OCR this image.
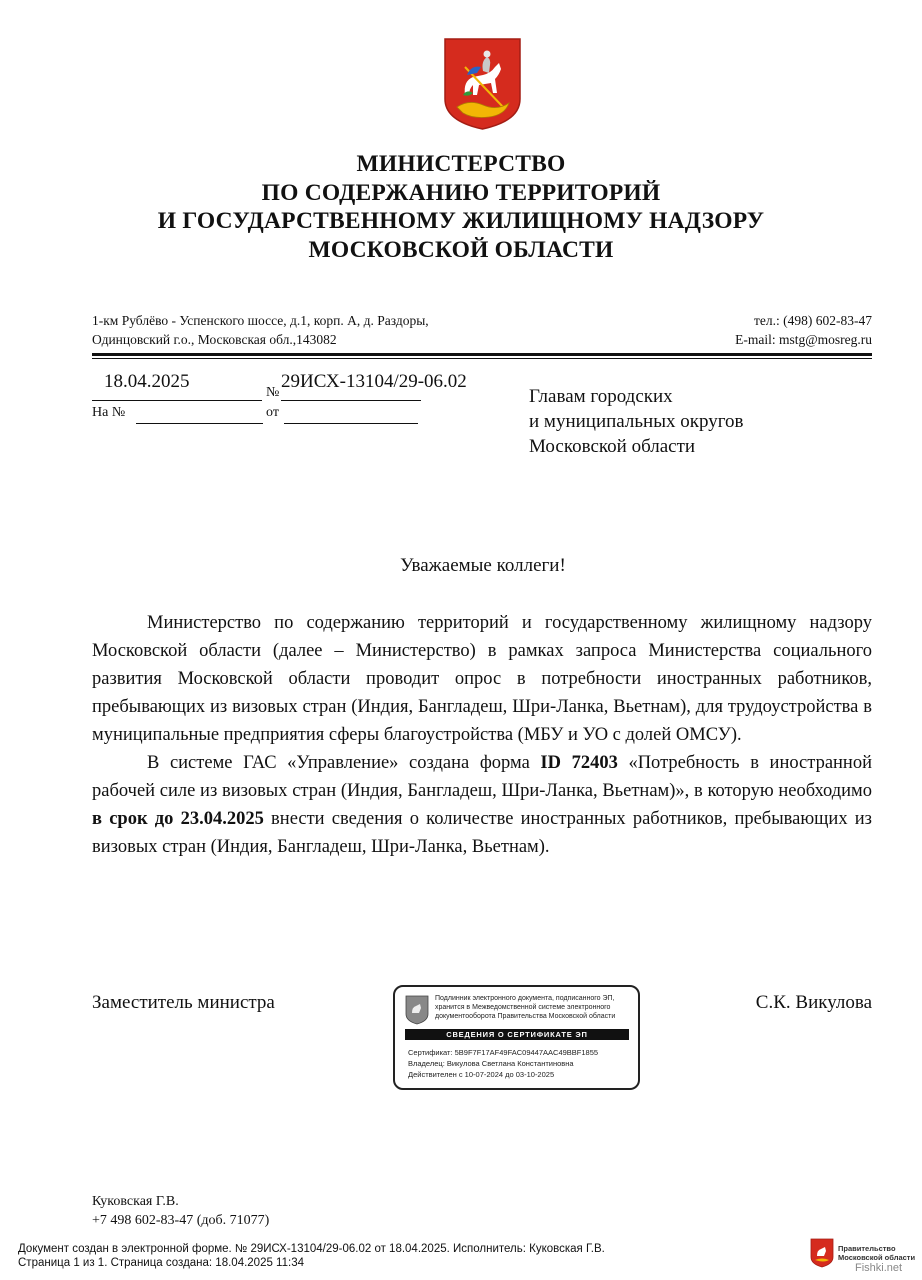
МИНИСТЕРСТВО
ПО СОДЕРЖАНИЮ ТЕРРИТОРИЙ
И ГОСУДАРСТВЕННОМУ ЖИЛИЩНОМУ НАДЗОРУ
МОСКОВСКОЙ ОБЛАСТИ
1-км Рублёво - Успенского шоссе, д.1, корп. А, д. Раздоры,
Одинцовский г.о., Московская обл.,143082
тел.: (498) 602-83-47
E-mail: mstg@mosreg.ru
18.04.2025
№
29ИСХ-13104/29-06.02
На №	от
Главам городских
и муниципальных округов
Московской области
Уважаемые коллеги!

Министерство по содержанию территорий и государственному жилищному надзору Московской области (далее – Министерство) в рамках запроса Министерства социального развития Московской области проводит опрос в потребности иностранных работников, пребывающих из визовых стран (Индия, Бангладеш, Шри-Ланка, Вьетнам), для трудоустройства в муниципальные предприятия сферы благоустройства (МБУ и УО с долей ОМСУ).

В системе ГАС «Управление» создана форма ID 72403 «Потребность в иностранной рабочей силе из визовых стран (Индия, Бангладеш, Шри-Ланка, Вьетнам)», в которую необходимо в срок до 23.04.2025 внести сведения о количестве иностранных работников, пребывающих из визовых стран (Индия, Бангладеш, Шри-Ланка, Вьетнам).

Заместитель министра	С.К. Викулова
Подлинник электронного документа, подписанного ЭП, хранится в Межведомственной системе электронного документооборота Правительства Московской области
СВЕДЕНИЯ О СЕРТИФИКАТЕ ЭП
Сертификат: 5B9F7F17AF49FAC09447AAC49BBF1855
Владелец: Викулова Светлана Константиновна
Действителен с 10-07-2024 до 03-10-2025
Куковская Г.В.
+7 498 602-83-47 (доб. 71077)
Документ создан в электронной форме. № 29ИСХ-13104/29-06.02 от 18.04.2025. Исполнитель: Куковская Г.В.
Страница 1 из 1. Страница создана: 18.04.2025 11:34
Правительство
Московской области
Fishki.net
